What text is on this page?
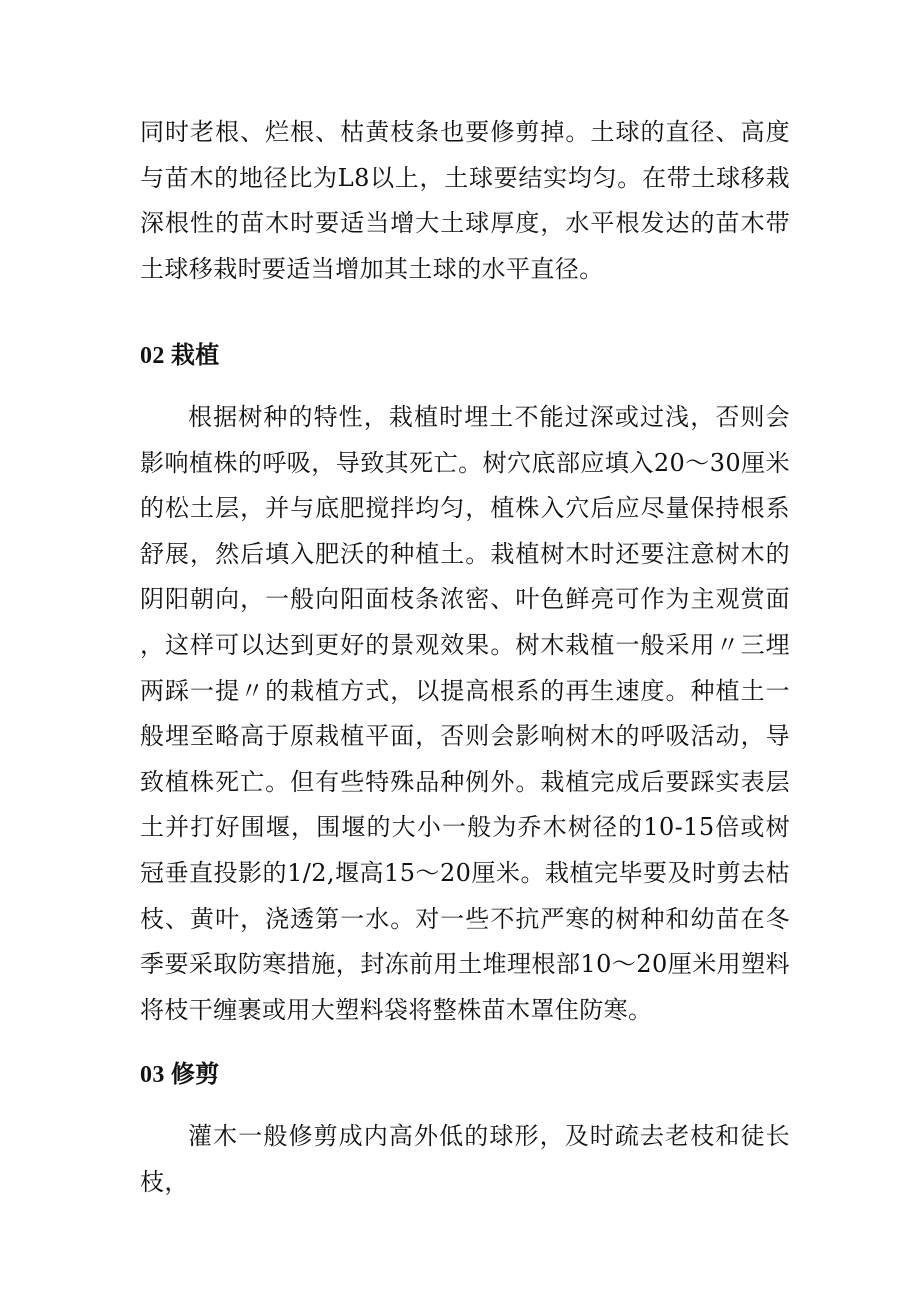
同时老根、烂根、枯黄枝条也要修剪掉。土球的直径、高度与苗木的地径比为L8以上，土球要结实均匀。在带土球移栽深根性的苗木时要适当增大土球厚度，水平根发达的苗木带土球移栽时要适当增加其土球的水平直径。

02 栽植

根据树种的特性，栽植时埋土不能过深或过浅，否则会影响植株的呼吸，导致其死亡。树穴底部应填入20～30厘米的松土层，并与底肥搅拌均匀，植株入穴后应尽量保持根系舒展，然后填入肥沃的种植土。栽植树木时还要注意树木的阴阳朝向，一般向阳面枝条浓密、叶色鲜亮可作为主观赏面，这样可以达到更好的景观效果。树木栽植一般采用〃三埋两踩一提〃的栽植方式，以提高根系的再生速度。种植土一般埋至略高于原栽植平面，否则会影响树木的呼吸活动，导致植株死亡。但有些特殊品种例外。栽植完成后要踩实表层土并打好围堰，围堰的大小一般为乔木树径的10-15倍或树冠垂直投影的1/2,堰高15～20厘米。栽植完毕要及时剪去枯枝、黄叶，浇透第一水。对一些不抗严寒的树种和幼苗在冬季要采取防寒措施，封冻前用土堆理根部10～20厘米用塑料将枝干缠裹或用大塑料袋将整株苗木罩住防寒。

03 修剪

灌木一般修剪成内高外低的球形，及时疏去老枝和徒长枝，
